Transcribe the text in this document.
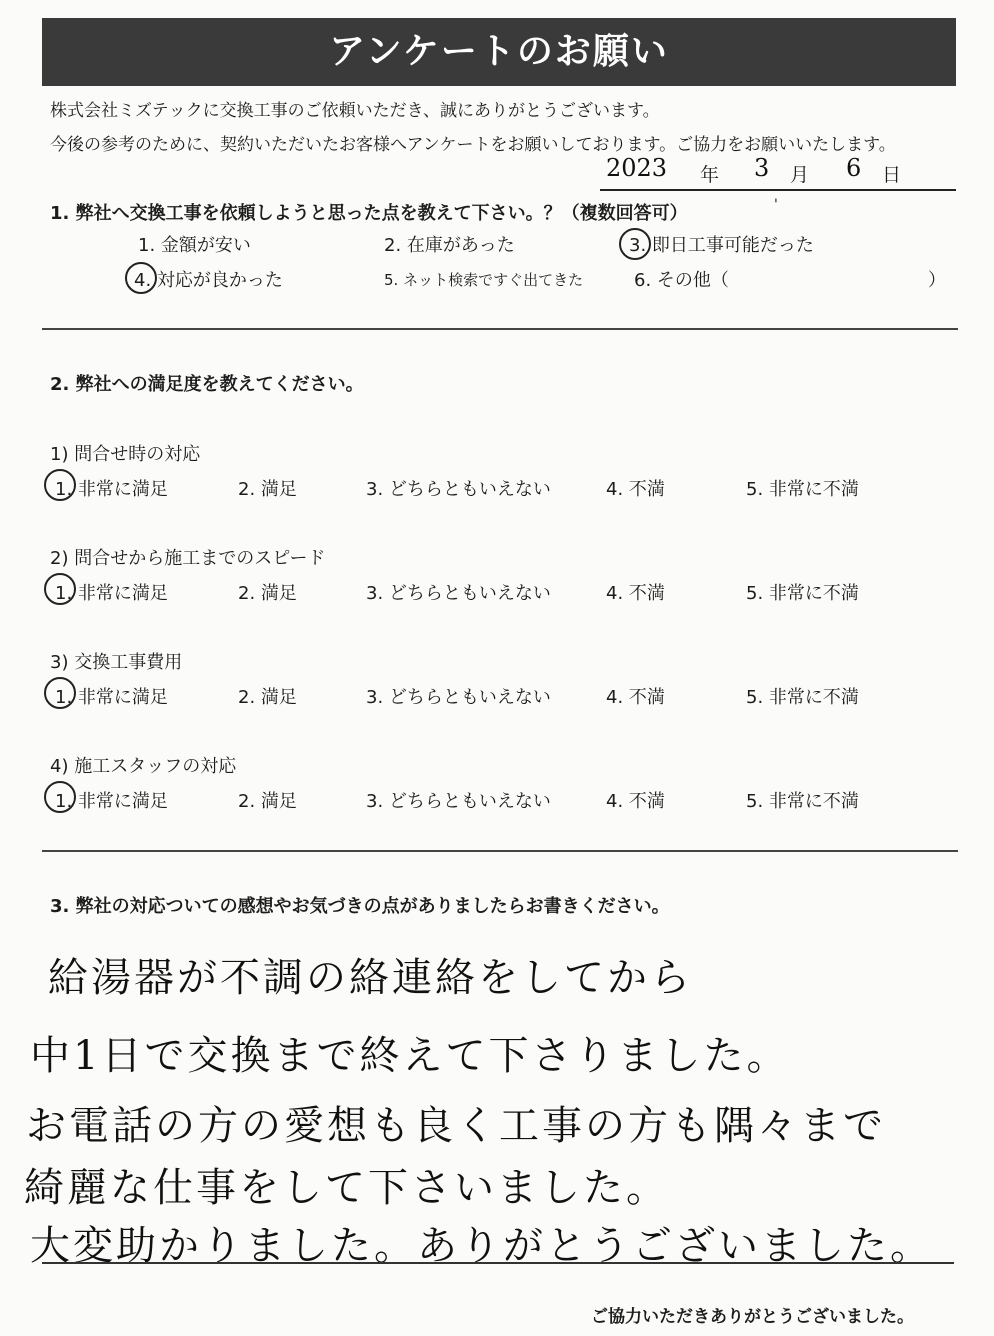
アンケートのお願い
株式会社ミズテックに交換工事のご依頼いただき、誠にありがとうございます。
今後の参考のために、契約いただいたお客様へアンケートをお願いしております。ご協力をお願いいたします。
2023 年 3 月 6 日
1. 弊社へ交換工事を依頼しようと思った点を教えて下さい。？（複数回答可）	'
1. 金額が安い	2. 在庫があった	3. 即日工事可能だった
4. 対応が良かった	5. ネット検索ですぐ出てきた	6. その他（	）
2. 弊社への満足度を教えてください。
1) 問合せ時の対応
1. 非常に満足	2. 満足	3. どちらともいえない	4. 不満	5. 非常に不満
2) 問合せから施工までのスピード
1. 非常に満足	2. 満足	3. どちらともいえない	4. 不満	5. 非常に不満
3) 交換工事費用
1. 非常に満足	2. 満足	3. どちらともいえない	4. 不満	5. 非常に不満
4) 施工スタッフの対応
1. 非常に満足	2. 満足	3. どちらともいえない	4. 不満	5. 非常に不満
3. 弊社の対応ついての感想やお気づきの点がありましたらお書きください。
給湯器が不調の絡連絡をしてから
中1日で交換まで終えて下さりました。
お電話の方の愛想も良く工事の方も隅々まで
綺麗な仕事をして下さいました。
大変助かりました。ありがとうございました。
ご協力いただきありがとうございました。
